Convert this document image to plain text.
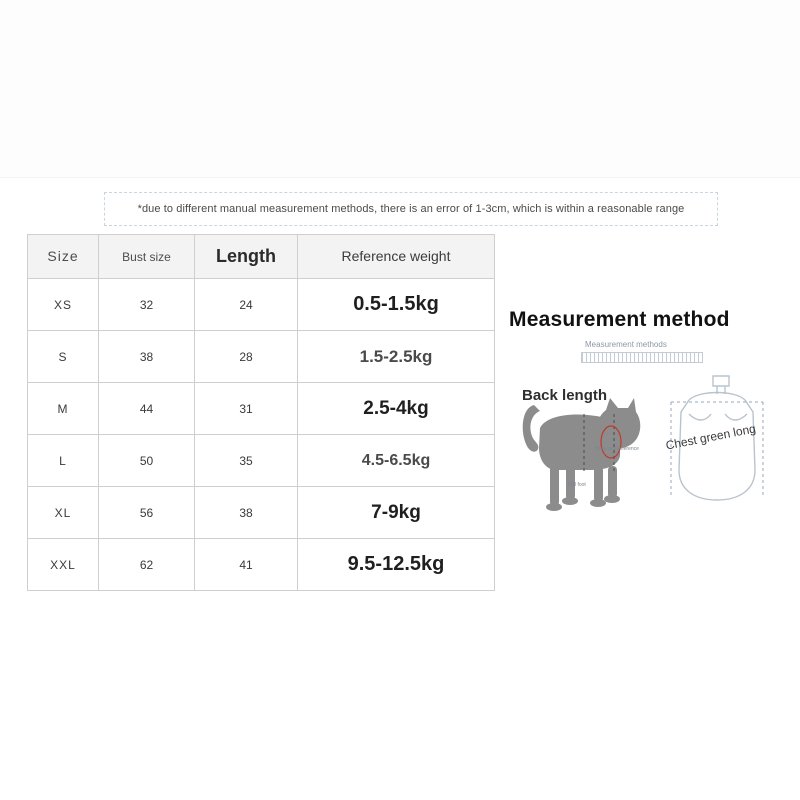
*due to different manual measurement methods, there is an error of 1-3cm, which is within a reasonable range
Size	Bust size	Length	Reference weight
XS	32	24	0.5-1.5kg
S	38	28	1.5-2.5kg
M	44	31	2.5-4kg
L	50	35	4.5-6.5kg
XL	56	38	7-9kg
XXL	62	41	9.5-12.5kg
Measurement method
Measurement methods
Back length
Back circumference
Full foot
Chest green long
